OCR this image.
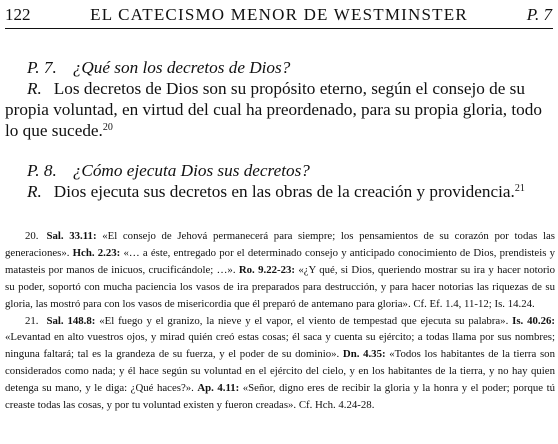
122	EL CATECISMO MENOR DE WESTMINSTER	P. 7
P. 7. ¿Qué son los decretos de Dios?
R. Los decretos de Dios son su propósito eterno, según el consejo de su propia voluntad, en virtud del cual ha preordenado, para su propia gloria, todo lo que sucede.$^{20}$
P. 8. ¿Cómo ejecuta Dios sus decretos?
R. Dios ejecuta sus decretos en las obras de la creación y providencia.$^{21}$

20. Sal. 33.11: «El consejo de Jehová permanecerá para siempre; los pensamientos de su corazón por todas las generaciones». Hch. 2.23: «… a éste, entregado por el determinado consejo y anticipado conocimiento de Dios, prendisteis y matasteis por manos de inicuos, crucificándole; …». Ro. 9.22-23: «¿Y qué, si Dios, queriendo mostrar su ira y hacer notorio su poder, soportó con mucha paciencia los vasos de ira preparados para destrucción, y para hacer notorias las riquezas de su gloria, las mostró para con los vasos de misericordia que él preparó de antemano para gloria». Cf. Ef. 1.4, 11-12; Is. 14.24.

21. Sal. 148.8: «El fuego y el granizo, la nieve y el vapor, el viento de tempestad que ejecuta su palabra». Is. 40.26: «Levantad en alto vuestros ojos, y mirad quién creó estas cosas; él saca y cuenta su ejército; a todas llama por sus nombres; ninguna faltará; tal es la grandeza de su fuerza, y el poder de su dominio». Dn. 4.35: «Todos los habitantes de la tierra son considerados como nada; y él hace según su voluntad en el ejército del cielo, y en los habitantes de la tierra, y no hay quien detenga su mano, y le diga: ¿Qué haces?». Ap. 4.11: «Señor, digno eres de recibir la gloria y la honra y el poder; porque tú creaste todas las cosas, y por tu voluntad existen y fueron creadas». Cf. Hch. 4.24-28.
